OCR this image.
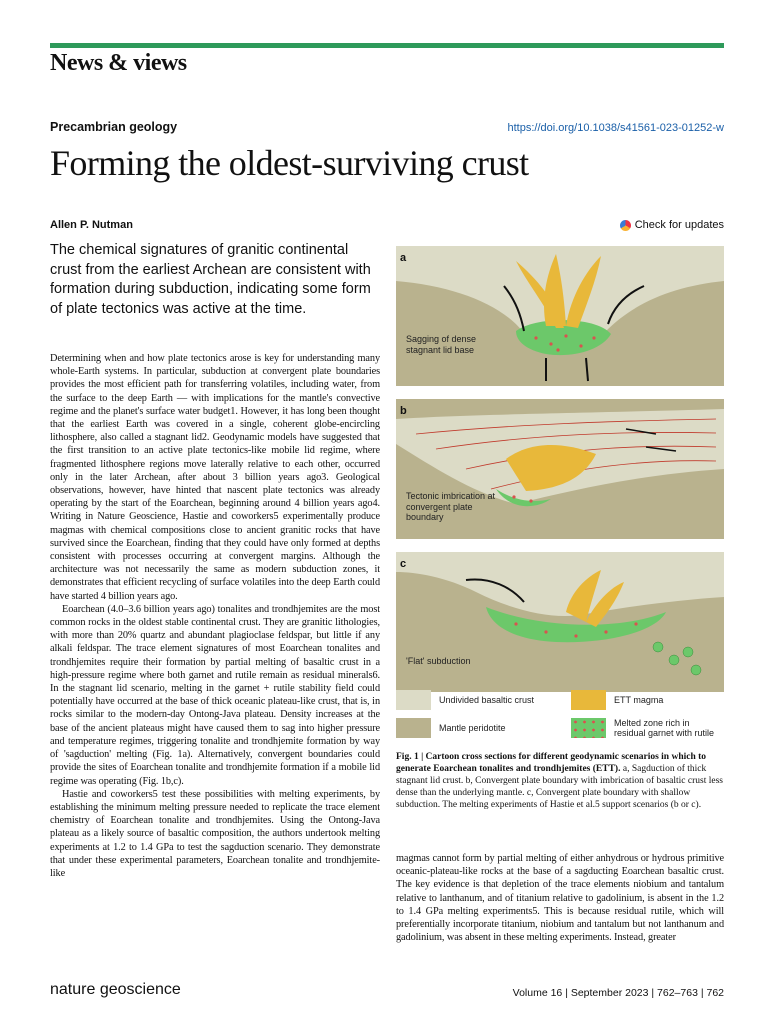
News & views
Precambrian geology	https://doi.org/10.1038/s41561-023-01252-w
Forming the oldest-surviving crust
Allen P. Nutman	Check for updates

The chemical signatures of granitic continental crust from the earliest Archean are consistent with formation during subduction, indicating some form of plate tectonics was active at the time.

Determining when and how plate tectonics arose is key for understanding many whole-Earth systems. In particular, subduction at convergent plate boundaries provides the most efficient path for transferring volatiles, including water, from the surface to the deep Earth — with implications for the mantle's convective regime and the planet's surface water budget1. However, it has long been thought that the earliest Earth was covered in a single, coherent globe-encircling lithosphere, also called a stagnant lid2. Geodynamic models have suggested that the first transition to an active plate tectonics-like mobile lid regime, where fragmented lithosphere regions move laterally relative to each other, occurred only in the later Archean, after about 3 billion years ago3. Geological observations, however, have hinted that nascent plate tectonics was already operating by the start of the Eoarchean, beginning around 4 billion years ago4. Writing in Nature Geoscience, Hastie and coworkers5 experimentally produce magmas with chemical compositions close to ancient granitic rocks that have survived since the Eoarchean, finding that they could have only formed at depths consistent with processes occurring at convergent margins. Although the architecture was not necessarily the same as modern subduction zones, it demonstrates that efficient recycling of surface volatiles into the deep Earth could have started 4 billion years ago.

Eoarchean (4.0–3.6 billion years ago) tonalites and trondhjemites are the most common rocks in the oldest stable continental crust. They are granitic lithologies, with more than 20% quartz and abundant plagioclase feldspar, but little if any alkali feldspar. The trace element signatures of most Eoarchean tonalites and trondhjemites require their formation by partial melting of basaltic crust in a high-pressure regime where both garnet and rutile remain as residual minerals6. In the stagnant lid scenario, melting in the garnet + rutile stability field could potentially have occurred at the base of thick oceanic plateau-like crust, that is, in rocks similar to the modern-day Ontong-Java plateau. Density increases at the base of the ancient plateaus might have caused them to sag into higher pressure and temperature regimes, triggering tonalite and trondhjemite formation by way of 'sagduction' melting (Fig. 1a). Alternatively, convergent boundaries could provide the sites of Eoarchean tonalite and trondhjemite formation if a mobile lid regime was operating (Fig. 1b,c).

Hastie and coworkers5 test these possibilities with melting experiments, by establishing the minimum melting pressure needed to replicate the trace element chemistry of Eoarchean tonalite and trondhjemites. Using the Ontong-Java plateau as a likely source of basaltic composition, the authors undertook melting experiments at 1.2 to 1.4 GPa to test the sagduction scenario. They demonstrate that under these experimental parameters, Eoarchean tonalite and trondhjemite-like

a
Sagging of dense stagnant lid base
b
Tectonic imbrication at convergent plate boundary
c
'Flat' subduction
Undivided basaltic crust	ETT magma
Mantle peridotite	Melted zone rich in residual garnet with rutile

Fig. 1 | Cartoon cross sections for different geodynamic scenarios in which to generate Eoarchean tonalites and trondhjemites (ETT). a, Sagduction of thick stagnant lid crust. b, Convergent plate boundary with imbrication of basaltic crust less dense than the underlying mantle. c, Convergent plate boundary with shallow subduction. The melting experiments of Hastie et al.5 support scenarios (b or c).

magmas cannot form by partial melting of either anhydrous or hydrous primitive oceanic-plateau-like rocks at the base of a sagducting Eoarchean basaltic crust. The key evidence is that depletion of the trace elements niobium and tantalum relative to lanthanum, and of titanium relative to gadolinium, is absent in the 1.2 to 1.4 GPa melting experiments5. This is because residual rutile, which will preferentially incorporate titanium, niobium and tantalum but not lanthanum and gadolinium, was absent in these melting experiments. Instead, greater

nature geoscience	Volume 16 | September 2023 | 762–763 | 762
